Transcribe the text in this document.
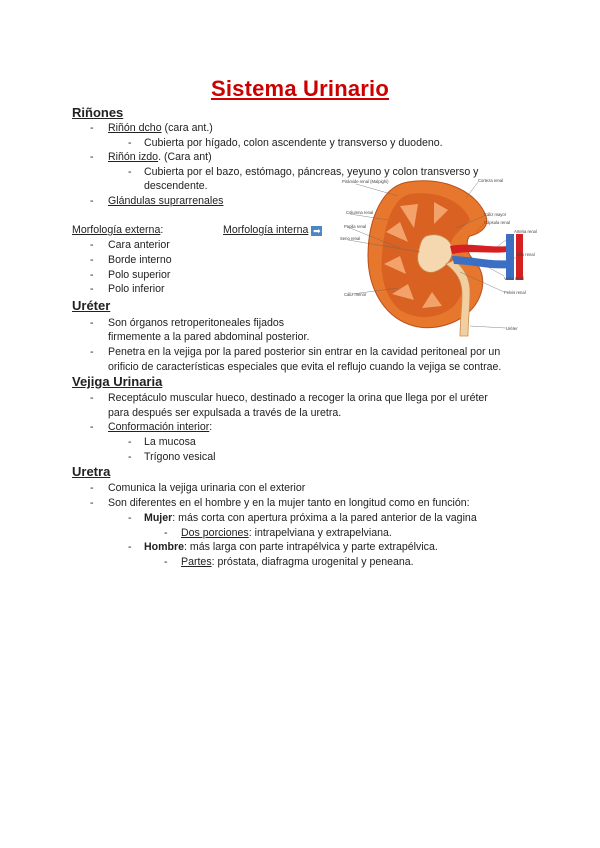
Sistema Urinario
Riñones
- Riñón dcho (cara ant.)
- Cubierta por hígado, colon ascendente y transverso y duodeno.
- Riñón izdo. (Cara ant)
- Cubierta por el bazo, estómago, páncreas, yeyuno y colon transverso y
descendente.
- Glándulas suprarrenales
Morfología externa:	Morfología interna ➡
- Cara anterior
- Borde interno
- Polo superior
- Polo inferior
Uréter
- Son órganos retroperitoneales fijados
firmemente a la pared abdominal posterior.
- Penetra en la vejiga por la pared posterior sin entrar en la cavidad peritoneal por un
orificio de características especiales que evita el reflujo cuando la vejiga se contrae.
Vejiga Urinaria
- Receptáculo muscular hueco, destinado a recoger la orina que llega por el uréter
para después ser expulsada a través de la uretra.
- Conformación interior:
- La mucosa
- Trígono vesical
Uretra
- Comunica la vejiga urinaria con el exterior
- Son diferentes en el hombre y en la mujer tanto en longitud como en función:
- Mujer: más corta con apertura próxima a la pared anterior de la vagina
- Dos porciones: intrapelviana y extrapelviana.
- Hombre: más larga con parte intrapélvica y parte extrapélvica.
- Partes: próstata, diafragma urogenital y peneana.
Pirámide renal (Malpighi)
Columna renal
Papila renal
Seno renal
Cáliz menor
Corteza renal
Cáliz mayor
Cápsula renal
Arteria renal
Hilio renal
Vena renal
Pelvis renal
Uréter
